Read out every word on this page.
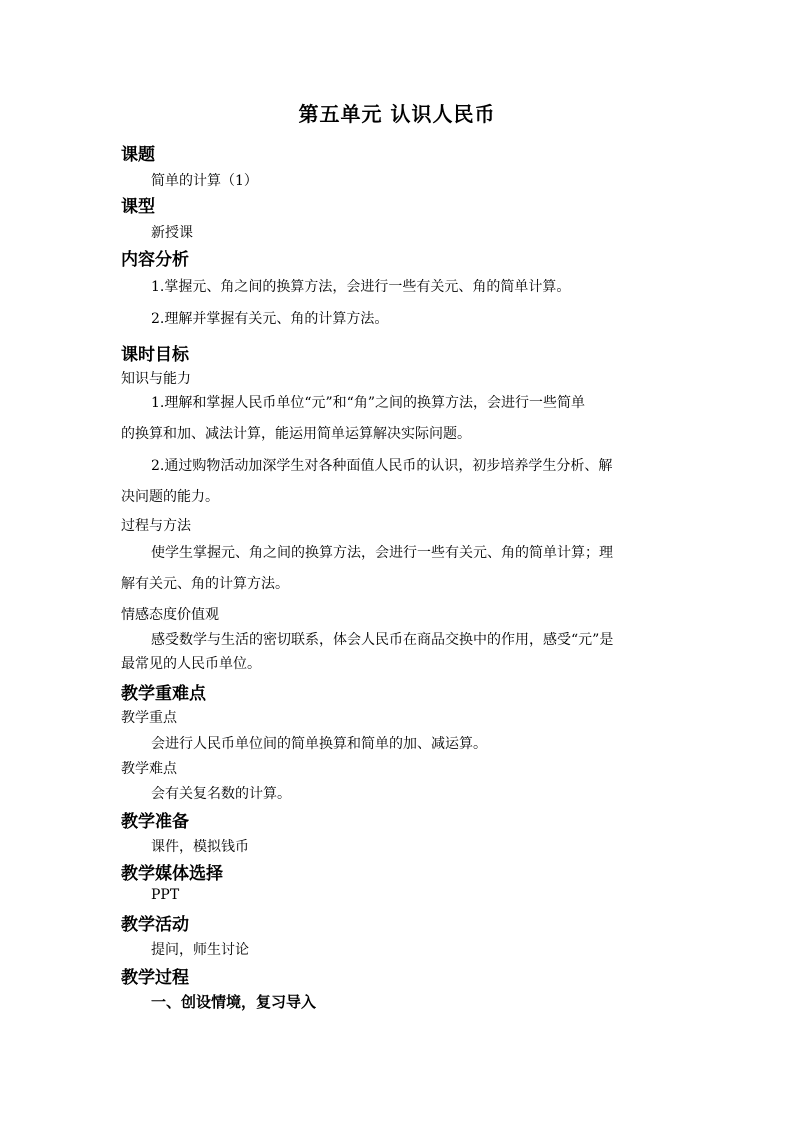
第五单元 认识人民币
课题
简单的计算（1）
课型
新授课
内容分析
1.掌握元、角之间的换算方法，会进行一些有关元、角的简单计算。
2.理解并掌握有关元、角的计算方法。
课时目标
知识与能力
1.理解和掌握人民币单位“元”和“角”之间的换算方法，会进行一些简单
的换算和加、减法计算，能运用简单运算解决实际问题。
2.通过购物活动加深学生对各种面值人民币的认识，初步培养学生分析、解
决问题的能力。
过程与方法
使学生掌握元、角之间的换算方法，会进行一些有关元、角的简单计算；理
解有关元、角的计算方法。
情感态度价值观
感受数学与生活的密切联系，体会人民币在商品交换中的作用，感受“元”是
最常见的人民币单位。
教学重难点
教学重点
会进行人民币单位间的简单换算和简单的加、减运算。
教学难点
会有关复名数的计算。
教学准备
课件，模拟钱币
教学媒体选择
PPT
教学活动
提问，师生讨论
教学过程
一、创设情境，复习导入
